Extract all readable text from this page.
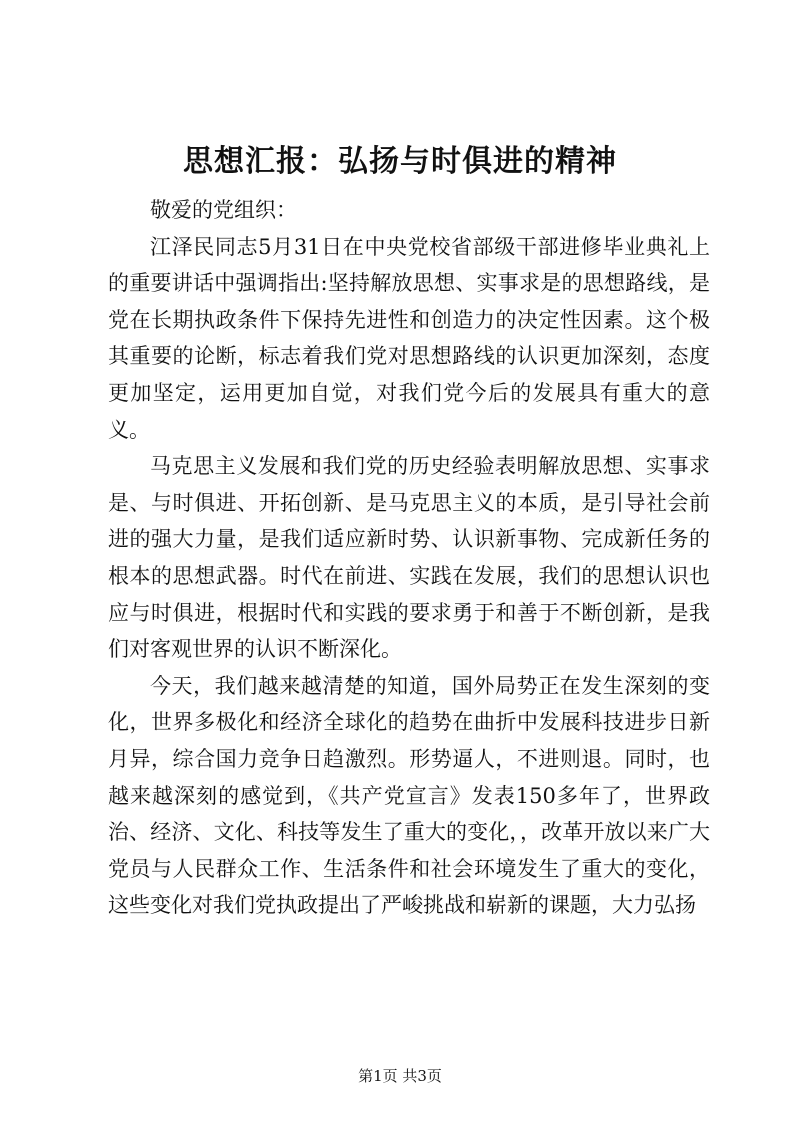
思想汇报：弘扬与时俱进的精神

敬爱的党组织：

江泽民同志5月31日在中央党校省部级干部进修毕业典礼上的重要讲话中强调指出:坚持解放思想、实事求是的思想路线，是党在长期执政条件下保持先进性和创造力的决定性因素。这个极其重要的论断，标志着我们党对思想路线的认识更加深刻，态度更加坚定，运用更加自觉，对我们党今后的发展具有重大的意义。

马克思主义发展和我们党的历史经验表明解放思想、实事求是、与时俱进、开拓创新、是马克思主义的本质，是引导社会前进的强大力量，是我们适应新时势、认识新事物、完成新任务的根本的思想武器。时代在前进、实践在发展，我们的思想认识也应与时俱进，根据时代和实践的要求勇于和善于不断创新，是我们对客观世界的认识不断深化。

今天，我们越来越清楚的知道，国外局势正在发生深刻的变化，世界多极化和经济全球化的趋势在曲折中发展科技进步日新月异，综合国力竞争日趋激烈。形势逼人，不进则退。同时，也越来越深刻的感觉到，《共产党宣言》发表150多年了，世界政治、经济、文化、科技等发生了重大的变化，，改革开放以来广大党员与人民群众工作、生活条件和社会环境发生了重大的变化，这些变化对我们党执政提出了严峻挑战和崭新的课题，大力弘扬

第1页 共3页
